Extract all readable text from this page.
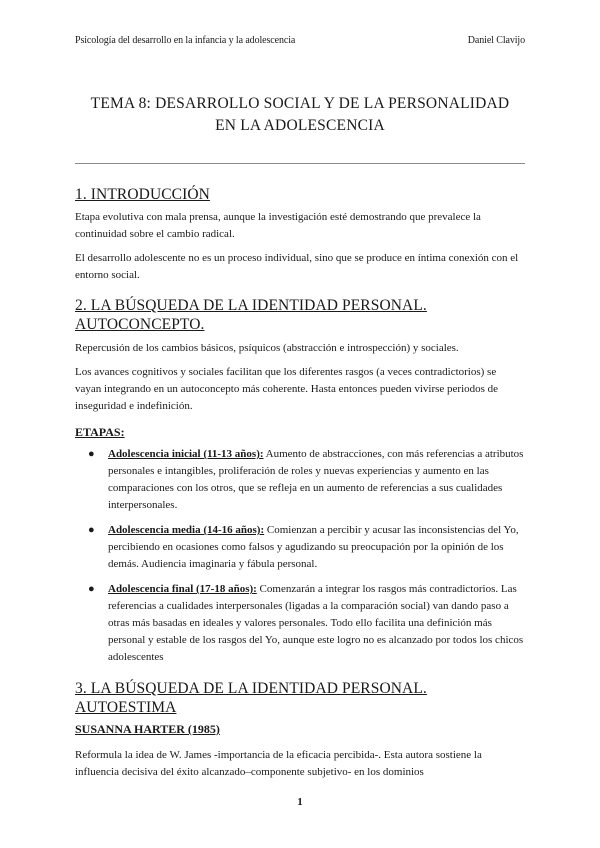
Psicología del desarrollo en la infancia y la adolescencia	Daniel Clavijo
TEMA 8: DESARROLLO SOCIAL Y DE LA PERSONALIDAD
EN LA ADOLESCENCIA
1. INTRODUCCIÓN

Etapa evolutiva con mala prensa, aunque la investigación esté demostrando que prevalece la continuidad sobre el cambio radical.

El desarrollo adolescente no es un proceso individual, sino que se produce en íntima conexión con el entorno social.

2. LA BÚSQUEDA DE LA IDENTIDAD PERSONAL.
AUTOCONCEPTO.

Repercusión de los cambios básicos, psíquicos (abstracción e introspección) y sociales.

Los avances cognitivos y sociales facilitan que los diferentes rasgos (a veces contradictorios) se vayan integrando en un autoconcepto más coherente. Hasta entonces pueden vivirse periodos de inseguridad e indefinición.

ETAPAS:
● Adolescencia inicial (11-13 años): Aumento de abstracciones, con más referencias a atributos personales e intangibles, proliferación de roles y nuevas experiencias y aumento en las comparaciones con los otros, que se refleja en un aumento de referencias a sus cualidades interpersonales.
● Adolescencia media (14-16 años): Comienzan a percibir y acusar las inconsistencias del Yo, percibiendo en ocasiones como falsos y agudizando su preocupación por la opinión de los demás. Audiencia imaginaria y fábula personal.
● Adolescencia final (17-18 años): Comenzarán a integrar los rasgos más contradictorios. Las referencias a cualidades interpersonales (ligadas a la comparación social) van dando paso a otras más basadas en ideales y valores personales. Todo ello facilita una definición más personal y estable de los rasgos del Yo, aunque este logro no es alcanzado por todos los chicos adolescentes
3. LA BÚSQUEDA DE LA IDENTIDAD PERSONAL. AUTOESTIMA
SUSANNA HARTER (1985)

Reformula la idea de W. James -importancia de la eficacia percibida-. Esta autora sostiene la influencia decisiva del éxito alcanzado–componente subjetivo- en los dominios

1
